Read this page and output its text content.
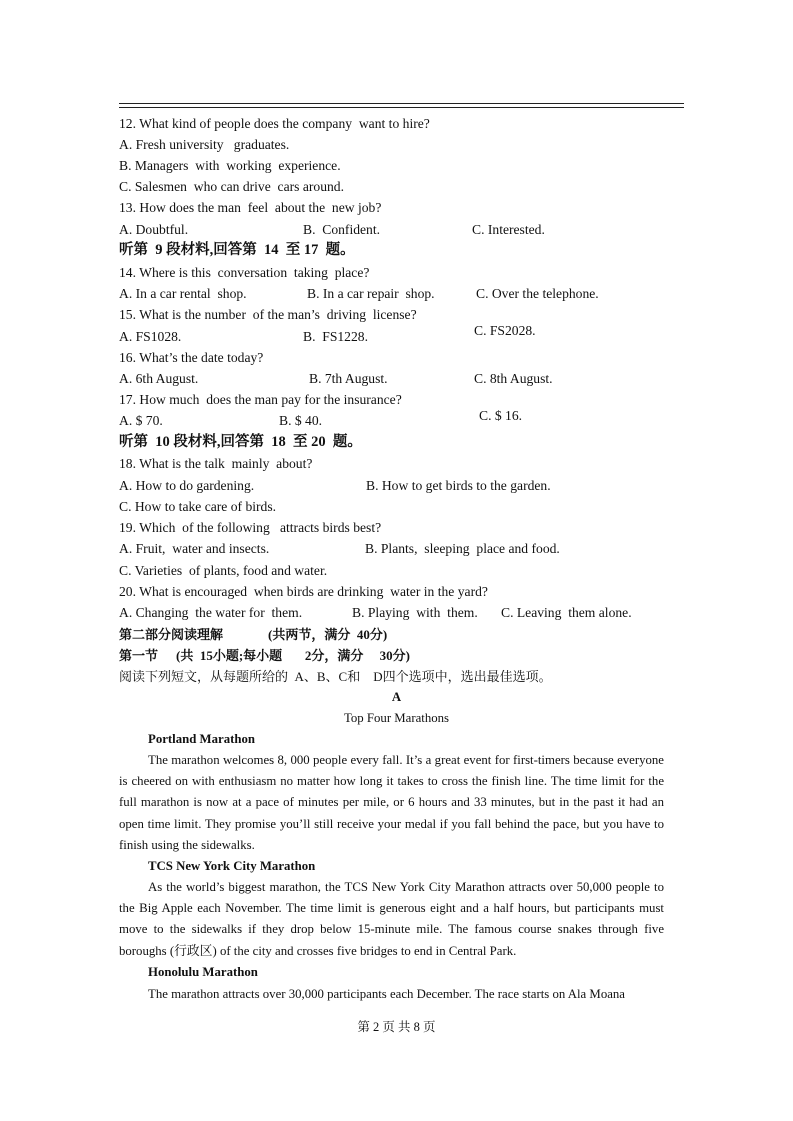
12. What kind of people does the company  want to hire?
A. Fresh university   graduates.
B. Managers  with  working  experience.
C. Salesmen  who can drive  cars around.
13. How does the man  feel  about the  new job?
A. Doubtful.	B.  Confident.	C. Interested.
听第  9 段材料,回答第  14  至 17  题。
14. Where is this  conversation  taking  place?
A. In a car rental  shop.	B. In a car repair  shop.	C. Over the telephone.
15. What is the number  of the man’s  driving  license?
A. FS1028.	B.  FS1228.	C. FS2028.
16. What’s the date today?
A. 6th August.	B. 7th August.	C. 8th August.
17. How much  does the man pay for the insurance?
A. $ 70.	B. $ 40.	C. $ 16.
听第  10 段材料,回答第  18  至 20  题。
18. What is the talk  mainly  about?
A. How to do gardening.	B. How to get birds to the garden.
C. How to take care of birds.
19. Which  of the following   attracts birds best?
A. Fruit,  water and insects.	B. Plants,  sleeping  place and food.
C. Varieties  of plants, food and water.
20. What is encouraged  when birds are drinking  water in the yard?
A. Changing  the water for  them.	B. Playing  with  them. C. Leaving  them alone.
第二部分阅读理解	(共两节，满分  40分)
第一节 (共  15小题;每小题       2分，满分     30分)
阅读下列短文，从每题所给的  A、B、C和    D四个选项中，选出最佳选项。
A
Top Four Marathons
Portland Marathon
The marathon welcomes 8, 000 people every fall. It’s a great event for first-timers because everyone is cheered on with enthusiasm no matter how long it takes to cross the finish line. The time limit for the full marathon is now at a pace of minutes per mile, or 6 hours and 33 minutes, but in the past it had an open time limit. They promise you’ll still receive your medal if you fall behind the pace, but you have to finish using the sidewalks.
TCS New York City Marathon
As the world’s biggest marathon, the TCS New York City Marathon attracts over 50,000 people to the Big Apple each November. The time limit is generous eight and a half hours, but participants must move to the sidewalks if they drop below 15-minute mile. The famous course snakes through five boroughs (行政区) of the city and crosses five bridges to end in Central Park.
Honolulu Marathon
The marathon attracts over 30,000 participants each December. The race starts on Ala Moana
第 2 页 共 8 页
